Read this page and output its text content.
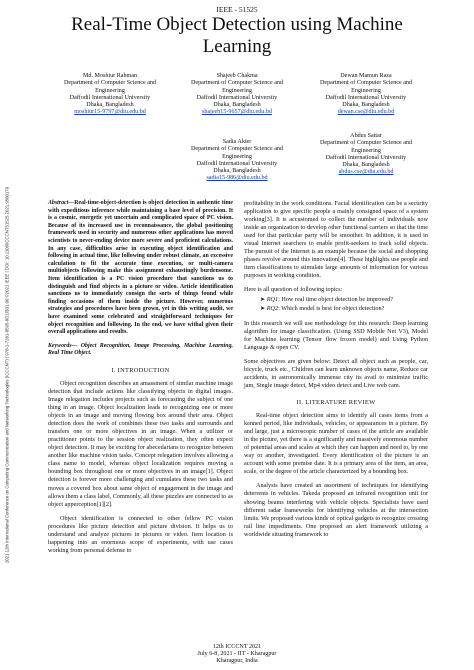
IEEE - 51525
Real-Time Object Detection using Machine
Learning
2021 12th International Conference on Computing Communication and Networking Technologies (ICCCNT) | 978-1-7281-8595-8/21/$31.00 ©2021 IEEE | DOI: 10.1109/ICCCNT51525.2021.9580170
Md. Moshiur Rahman
Department of Computer Science and
Engineering
Daffodil International University
Dhaka, Bangladesh
moshiur15-9797@diu.edu.bd
Shajeeb Chakma
Department of Computer Science and
Engineering
Daffodil International University
Dhaka, Bangladesh
shajeeb15-9657@diu.edu.bd
Dewan Mamun Raza
Department of Computer Science and
Engineering
Daffodil International University
Dhaka, Bangladesh
dewan.cse@diu.edu.bd
Sadia Akter
Department of Computer Science and
Engineering
Daffodil International University
Dhaka, Bangladesh
sadia15-986@diu.edu.bd
Abdus Sattar
Department of Computer Science and
Engineering
Daffodil International University
Dhaka, Bangladesh
abdus.cse@diu.edu.bd

Abstract—Real-time-object-detection is object detection in authentic time with expeditious inference while maintaining a base level of precision. It is a cosmic, energetic yet uncertain and complicated space of PC vision. Because of its increased use in reconnaissance, the global positioning framework used in security and numerous other applications has moved scientists to never-ending device more severe and proficient calculations. In any case, difficulties arise in executing object identification and following in actual time, like following under robust climate, an excessive calculation to fit the accurate time execution, or multi-camera multiobjects following make this assignment exhaustingly burdensome. Item identification is a PC vision procedure that sanctions us to distinguish and find objects in a picture or video. Article identification sanctions us to immediately consign the sorts of things found while finding occasions of them inside the picture. However, numerous strategies and procedures have been grown, yet in this writing audit, we have examined some celebrated and straightforward techniques for object recognition and following. In the end, we have withal given their overall applications and results.

Keywords— Object Recognition, Image Processing, Machine Learning, Real Time Object.

I. INTRODUCTION

Object recognition describes an amassment of similar machine image detection that include actions like classifying objects in digital images. Image relegation includes projects such as forecasting the subject of one thing in an image. Object localization leads to recognizing one or more objects in an image and moving flowing box around their area. Object detection does the work of combines these two tasks and surrounds and transfers one or more objectives in an image. When a utilizer or practitioner points to the session object realization, they often expect object detection. It may be exciting for abecedarians to recognize between another like machine vision tasks. Concept relegation involves allowing a class name to model, whereas object localization requires moving a bounding box throughout one or more objectives in an image[1]. Object detection is forever more challenging and cumulates these two tasks and moves a covered box about same object of engagement in the image and allows them a class label, Commonly, all these puzzles are connected to as object apperception[1][2].

Object identification is connected to other fellow PC vision procedures like picture detection and picture division. It helps us to understand and analyze pictures in pictures or video. Item location is happening into an enormous scope of experiments, with use cases working from personal defense to

profitability in the work conditions. Facial identification can be a security application to give specific people a mainly consigned space of a system working[3]. It is accustomed to collect the number of individuals now inside an organization to develop other functional carriers so that the time used for that particular party will be smoother. In addition, it is used in visual Internet searchers to enable profit-seekers to track solid objects. The pursuit of the Internet is an example because the social and shopping phases revolve around this innovation[4]. These highlights use people and item classifications to stimulate large amounts of information for various purposes in working condition.

Here is all question of following topics:

➤ RQ1: How real time object detection be improved?

➤ RQ2: Which model is best for object detection?

In this research we will use methodology for this research: Deep learning algorithm for image classification. (Using SSD Mobile Net V3), Model for Machine learning (Tensor flow frozen model) and Using Python Language & open CV.

Some objectives are given below: Detect all object such as people, car, bicycle, truck etc., Children can learn unknown objects name, Reduce car accidents, in astronomically immense city its avail to minimize traffic jam, Single image detect, Mp4 video detect and Live web cam.

II. LITERATURE REVIEW

Real-time object detection aims to identify all cases items from a kenned period, like individuals, vehicles, or appearances in a picture. By and large, just a microscopic number of cases of the article are available in the picture, yet there is a significantly and massively enormous number of potential areas and scales at which they can happen and need to, by one way or another, investigated. Every identification of the picture is an account with some premise date. It is a primary area of the item, an area, scale, or the degree of the article characterized by a bounding box.

Analysts have created an assortment of techniques for identifying deterrents in vehicles. Takeda proposed an infrared recognition unit for showing beams interfering with vehicle objects. Specialists have used different radar frameworks for identifying vehicles at the intersection limits. We proposed various kinds of optical gadgets to recognize crossing rail line impediments. One proposed an alert framework utilizing a worldwide situating framework to

12th ICCCNT 2021
July 6-8, 2021 - IIT - Kharagpur
Kharagpur, India
